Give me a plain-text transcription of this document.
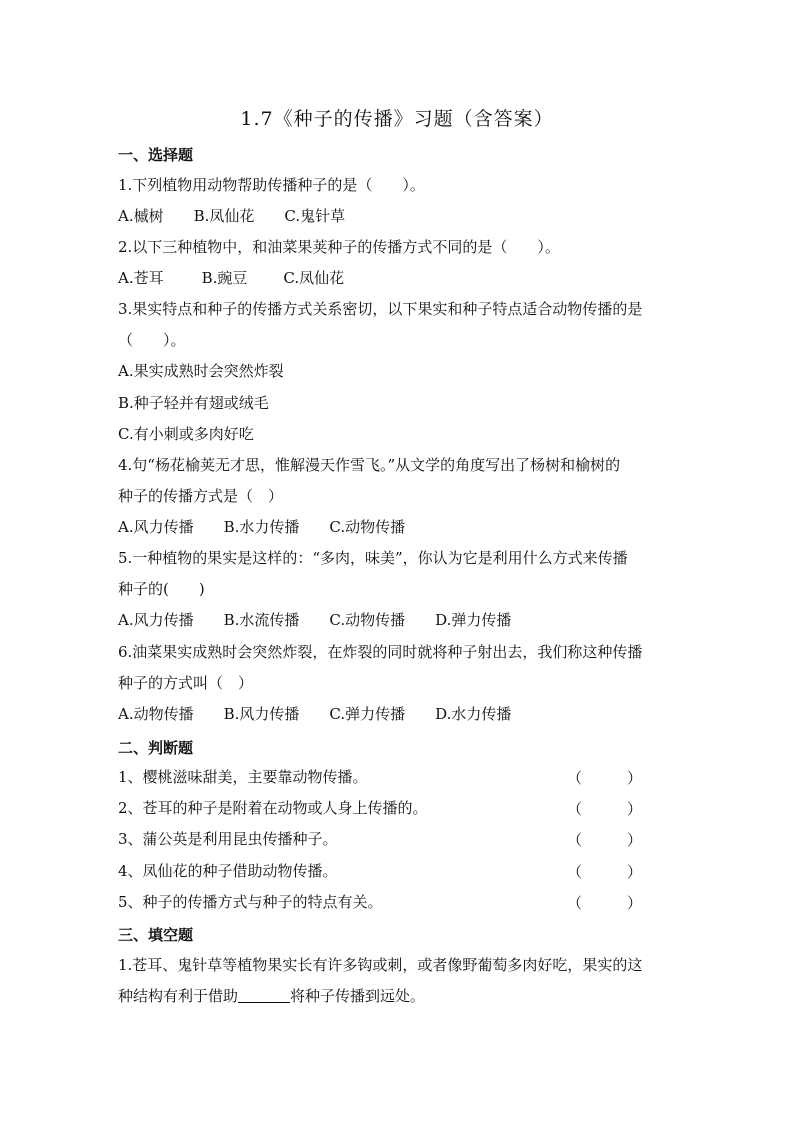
1.7《种子的传播》习题（含答案）
一、选择题
1.下列植物用动物帮助传播种子的是（　　）。
A.槭树 B.凤仙花 C.鬼针草
2.以下三种植物中，和油菜果荚种子的传播方式不同的是（　　）。
A.苍耳	B.豌豆 C.凤仙花
3.果实特点和种子的传播方式关系密切，以下果实和种子特点适合动物传播的是
（　　）。
A.果实成熟时会突然炸裂
B.种子轻并有翅或绒毛
C.有小刺或多肉好吃
4.句“杨花榆荚无才思，惟解漫天作雪飞。”从文学的角度写出了杨树和榆树的
种子的传播方式是（　）
A.风力传播 B.水力传播 C.动物传播
5.一种植物的果实是这样的：“多肉，味美”，你认为它是利用什么方式来传播
种子的(　　)
A.风力传播 B.水流传播 C.动物传播 D.弹力传播
6.油菜果实成熟时会突然炸裂，在炸裂的同时就将种子射出去，我们称这种传播
种子的方式叫（　）
A.动物传播 B.风力传播 C.弹力传播 D.水力传播
二、判断题
1、樱桃滋味甜美，主要靠动物传播。	（　　　）
2、苍耳的种子是附着在动物或人身上传播的。	（　　　）
3、蒲公英是利用昆虫传播种子。	（　　　）
4、凤仙花的种子借助动物传播。	（　　　）
5、种子的传播方式与种子的特点有关。	（　　　）
三、填空题
1.苍耳、鬼针草等植物果实长有许多钩或刺，或者像野葡萄多肉好吃，果实的这
种结构有利于借助	将种子传播到远处。
